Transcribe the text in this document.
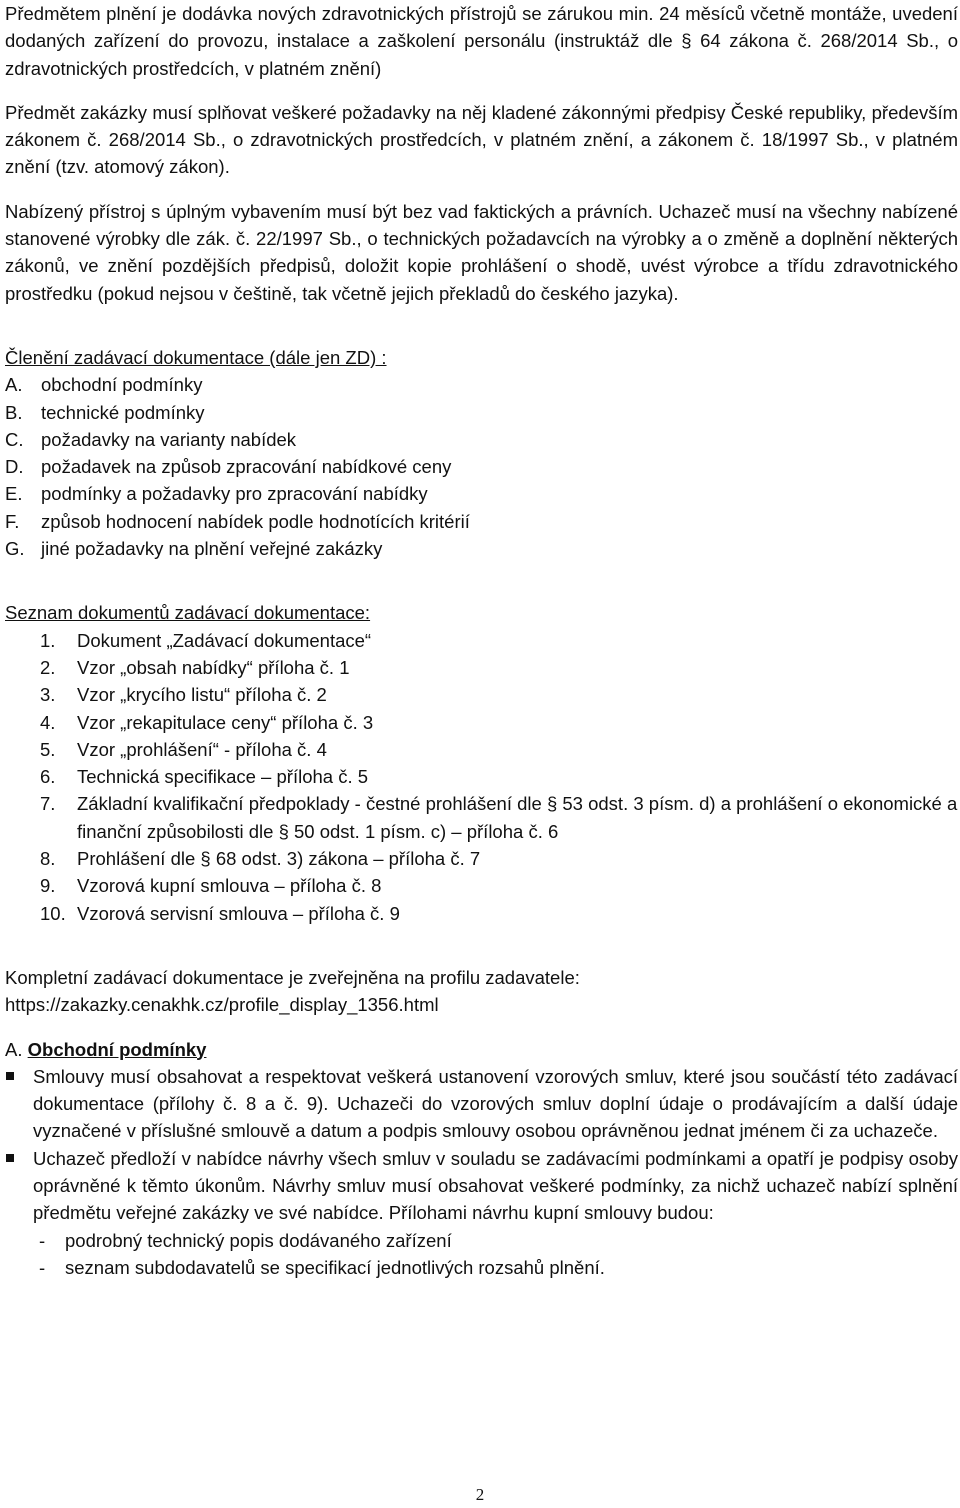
Předmětem plnění je dodávka nových zdravotnických přístrojů se zárukou min. 24 měsíců včetně montáže, uvedení dodaných zařízení do provozu, instalace a zaškolení personálu (instruktáž dle § 64 zákona č. 268/2014 Sb., o zdravotnických prostředcích, v platném znění)

Předmět zakázky musí splňovat veškeré požadavky na něj kladené zákonnými předpisy České republiky, především zákonem č. 268/2014 Sb., o zdravotnických prostředcích, v platném znění, a zákonem č. 18/1997 Sb., v platném znění (tzv. atomový zákon).

Nabízený přístroj s úplným vybavením musí být bez vad faktických a právních. Uchazeč musí na všechny nabízené stanovené výrobky dle zák. č. 22/1997 Sb., o technických požadavcích na výrobky a o změně a doplnění některých zákonů, ve znění pozdějších předpisů, doložit kopie prohlášení o shodě, uvést výrobce a třídu zdravotnického prostředku (pokud nejsou v češtině, tak včetně jejich překladů do českého jazyka).

Členění zadávací dokumentace (dále jen ZD) :

A.	obchodní podmínky
B.	technické podmínky
C. požadavky na varianty nabídek
D. požadavek na způsob zpracování nabídkové ceny
E.	podmínky a požadavky pro zpracování nabídky
F.	způsob hodnocení nabídek podle hodnotících kritérií
G. jiné požadavky na plnění veřejné zakázky

Seznam dokumentů zadávací dokumentace:

1.	Dokument „Zadávací dokumentace“
2.	Vzor „obsah nabídky“ příloha č. 1
3.	Vzor „krycího listu“ příloha č. 2
4.	Vzor „rekapitulace ceny“ příloha č. 3
5.	Vzor „prohlášení“ - příloha č. 4
6.	Technická specifikace – příloha č. 5
7.	Základní kvalifikační předpoklady - čestné prohlášení dle § 53 odst. 3 písm. d) a prohlášení o ekonomické a finanční způsobilosti dle § 50 odst. 1 písm. c) – příloha č. 6
8.	Prohlášení dle § 68 odst. 3) zákona – příloha č. 7
9.	Vzorová kupní smlouva – příloha č. 8
10. Vzorová servisní smlouva – příloha č. 9

Kompletní zadávací dokumentace je zveřejněna na profilu zadavatele:

https://zakazky.cenakhk.cz/profile_display_1356.html

A. Obchodní podmínky

Smlouvy musí obsahovat a respektovat veškerá ustanovení vzorových smluv, které jsou součástí této zadávací dokumentace (přílohy č. 8 a č. 9). Uchazeči do vzorových smluv doplní údaje o prodávajícím a další údaje vyznačené v příslušné smlouvě a datum a podpis smlouvy osobou oprávněnou jednat jménem či za uchazeče.
Uchazeč předloží v nabídce návrhy všech smluv v souladu se zadávacími podmínkami a opatří je podpisy osoby oprávněné k těmto úkonům. Návrhy smluv musí obsahovat veškeré podmínky, za nichž uchazeč nabízí splnění předmětu veřejné zakázky ve své nabídce. Přílohami návrhu kupní smlouvy budou:
-	podrobný technický popis dodávaného zařízení
-	seznam subdodavatelů se specifikací jednotlivých rozsahů plnění.
2
